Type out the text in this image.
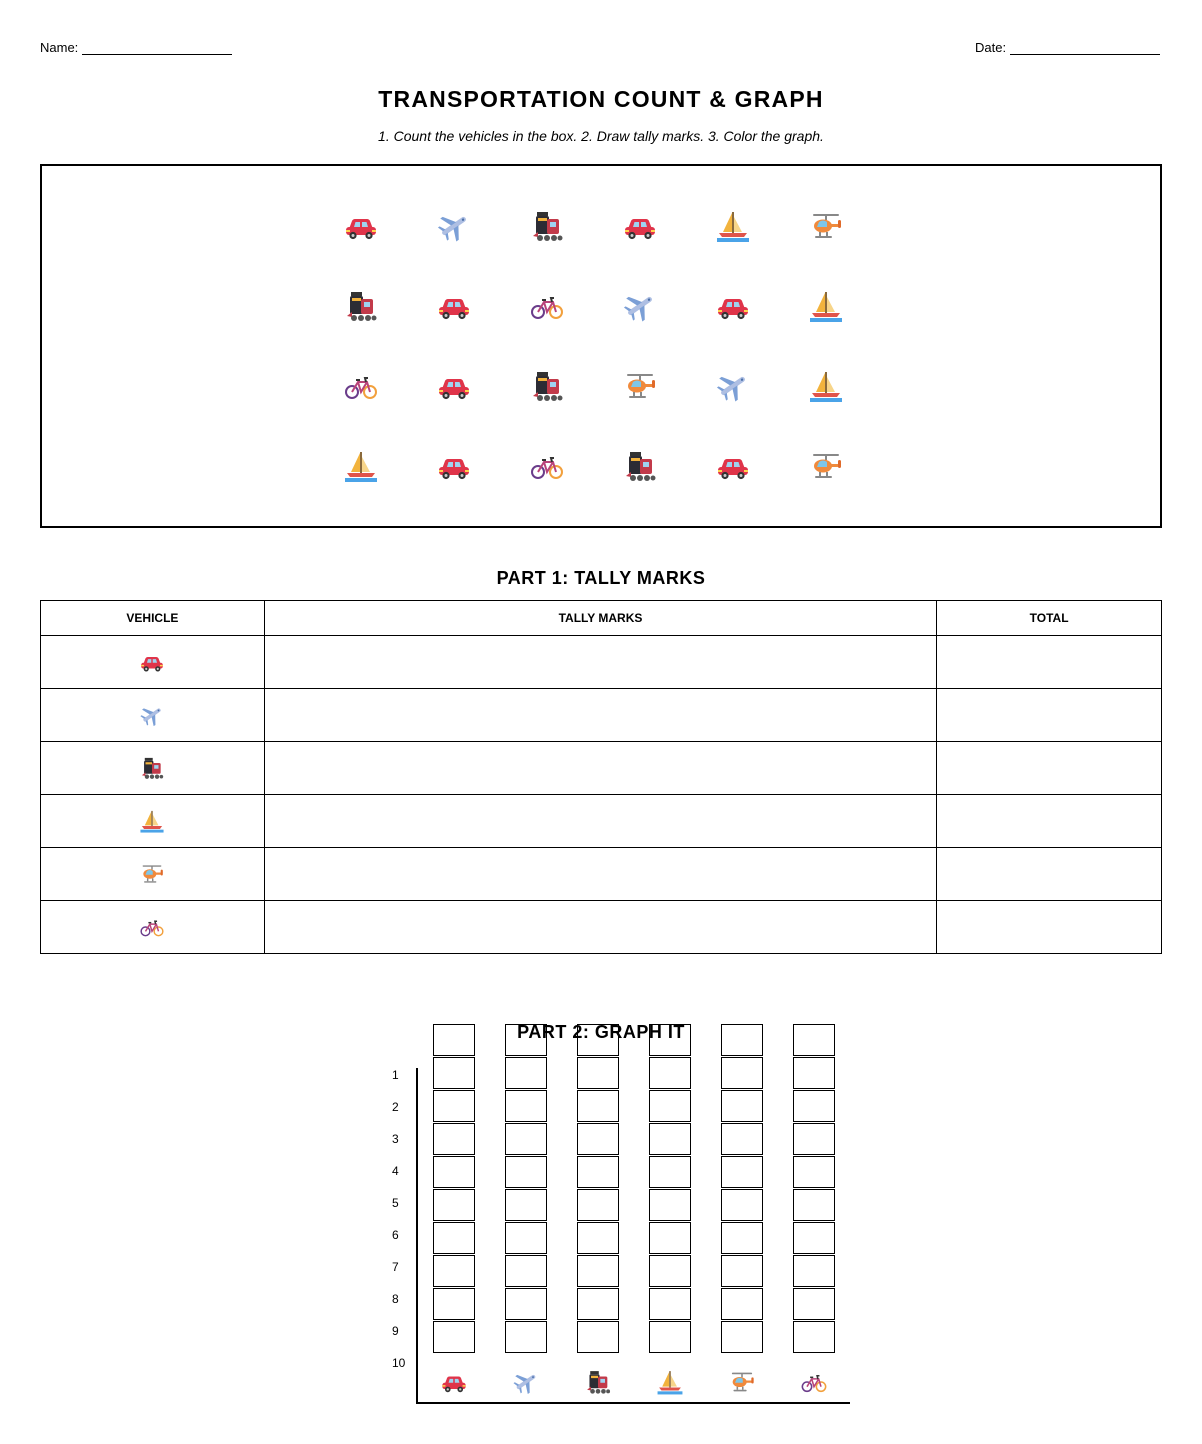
Name:	Date:
TRANSPORTATION COUNT & GRAPH
1. Count the vehicles in the box. 2. Draw tally marks. 3. Color the graph.
PART 1: TALLY MARKS
VEHICLE	TALLY MARKS	TOTAL

PART 2: GRAPH IT
1
2
3
4
5
6
7
8
9
10
